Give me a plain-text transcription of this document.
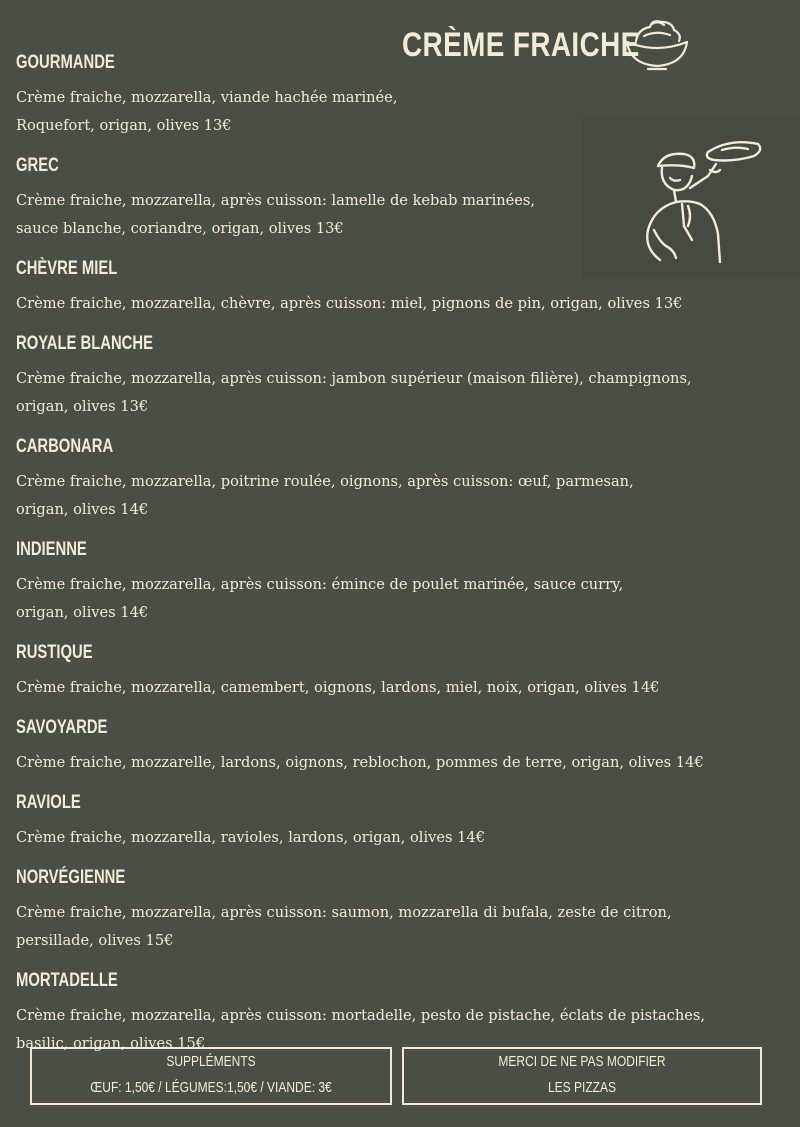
CRÈME FRAICHE
GOURMANDE
Crème fraiche, mozzarella, viande hachée marinée,
Roquefort, origan, olives 13€
GREC
Crème fraiche, mozzarella, après cuisson: lamelle de kebab marinées,
sauce blanche, coriandre, origan, olives 13€
CHÈVRE MIEL
Crème fraiche, mozzarella, chèvre, après cuisson: miel, pignons de pin, origan, olives 13€
ROYALE BLANCHE
Crème fraiche, mozzarella, après cuisson: jambon supérieur (maison filière), champignons,
origan, olives 13€
CARBONARA
Crème fraiche, mozzarella, poitrine roulée, oignons, après cuisson: œuf, parmesan,
origan, olives 14€
INDIENNE
Crème fraiche, mozzarella, après cuisson: émince de poulet marinée, sauce curry,
origan, olives 14€
RUSTIQUE
Crème fraiche, mozzarella, camembert, oignons, lardons, miel, noix, origan, olives 14€
SAVOYARDE
Crème fraiche, mozzarelle, lardons, oignons, reblochon, pommes de terre, origan, olives 14€
RAVIOLE
Crème fraiche, mozzarella, ravioles, lardons, origan, olives 14€
NORVÉGIENNE
Crème fraiche, mozzarella, après cuisson: saumon, mozzarella di bufala, zeste de citron,
persillade, olives 15€
MORTADELLE
Crème fraiche, mozzarella, après cuisson: mortadelle, pesto de pistache, éclats de pistaches,
basilic, origan, olives 15€
SUPPLÉMENTS
ŒUF: 1,50€ / LÉGUMES:1,50€ / VIANDE: 3€
MERCI DE NE PAS MODIFIER
LES PIZZAS
